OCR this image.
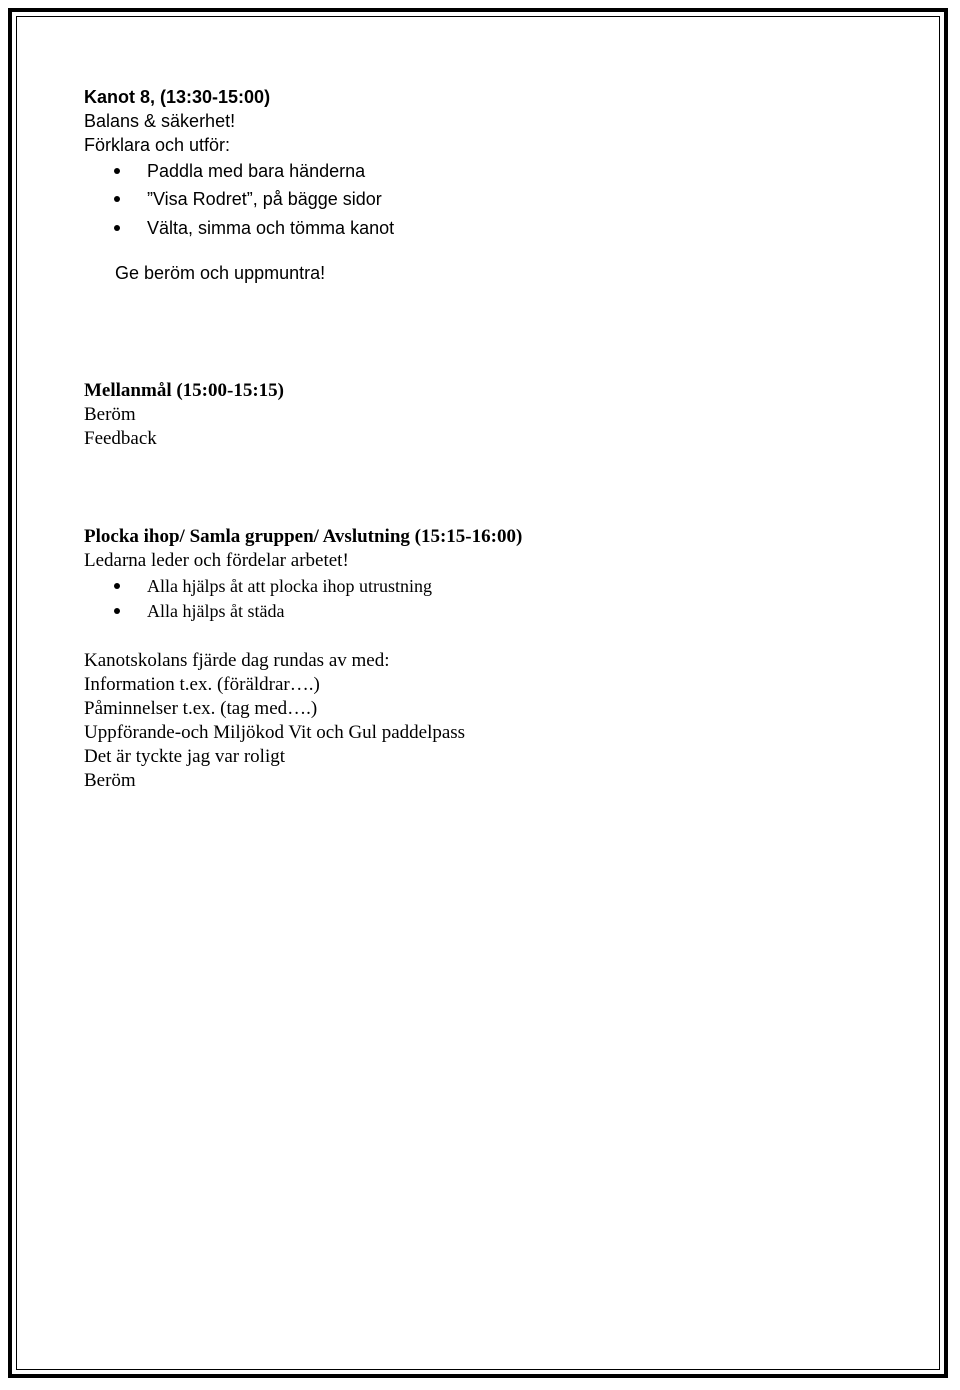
Kanot 8, (13:30-15:00)
Balans & säkerhet!
Förklara och utför:
Paddla med bara händerna
”Visa Rodret”, på bägge sidor
Välta, simma och tömma kanot
Ge beröm och uppmuntra!
Mellanmål (15:00-15:15)
Beröm
Feedback
Plocka ihop/ Samla gruppen/ Avslutning (15:15-16:00)
Ledarna leder och fördelar arbetet!
Alla hjälps åt att plocka ihop utrustning
Alla hjälps åt städa
Kanotskolans fjärde dag rundas av med:
Information t.ex. (föräldrar….)
Påminnelser t.ex. (tag med….)
Uppförande-och Miljökod Vit och Gul paddelpass
Det är tyckte jag var roligt
Beröm
